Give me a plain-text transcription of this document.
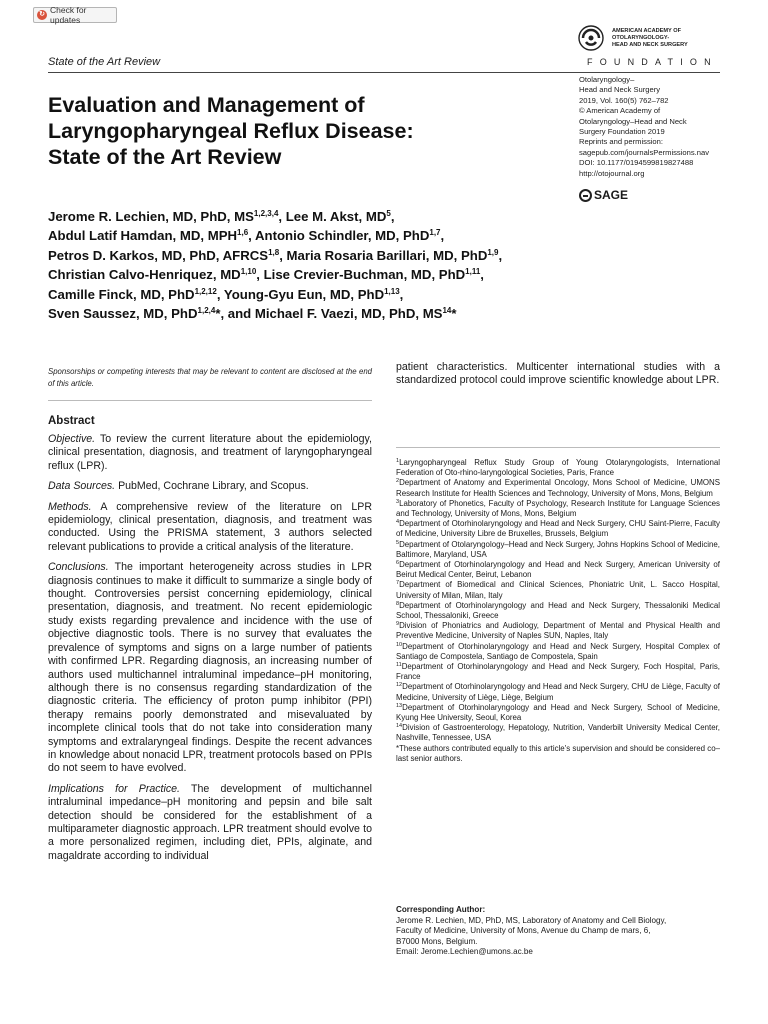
↻ Check for updates
State of the Art Review
AMERICAN ACADEMY OF
OTOLARYNGOLOGY-
HEAD AND NECK SURGERY
FOUNDATION
Otolaryngology–
Head and Neck Surgery
2019, Vol. 160(5) 762–782
© American Academy of
Otolaryngology–Head and Neck
Surgery Foundation 2019
Reprints and permission:
sagepub.com/journalsPermissions.nav
DOI: 10.1177/0194599819827488
http://otojournal.org
SAGE
Evaluation and Management of
Laryngopharyngeal Reflux Disease:
State of the Art Review
Jerome R. Lechien, MD, PhD, MS$^{1,2,3,4}$, Lee M. Akst, $MD^5$,
Abdul Latif Hamdan, MD, MPH$^{1,6}$, Antonio Schindler, MD, PhD$^{1,7}$,
Petros D. Karkos, MD, PhD, AFRCS$^{1,8}$, Maria Rosaria Barillari, MD, PhD$^{1,9}$,
Christian Calvo-Henriquez, MD$^{1,10}$, Lise Crevier-Buchman, MD, PhD$^{1,11}$,
Camille Finck, MD, PhD$^{1,2,12}$, Young-Gyu Eun, MD, PhD$^{1,13}$,
Sven Saussez, MD, PhD$^{1,2,4}$*, and Michael F. Vaezi, MD, PhD, MS$^{14}$*
Sponsorships or competing interests that may be relevant to content are disclosed at the end of this article.
Abstract

Objective. To review the current literature about the epidemiology, clinical presentation, diagnosis, and treatment of laryngopharyngeal reflux (LPR).

Data Sources. PubMed, Cochrane Library, and Scopus.

Methods. A comprehensive review of the literature on LPR epidemiology, clinical presentation, diagnosis, and treatment was conducted. Using the PRISMA statement, 3 authors selected relevant publications to provide a critical analysis of the literature.

Conclusions. The important heterogeneity across studies in LPR diagnosis continues to make it difficult to summarize a single body of thought. Controversies persist concerning epidemiology, clinical presentation, diagnosis, and treatment. No recent epidemiologic study exists regarding prevalence and incidence with the use of objective diagnostic tools. There is no survey that evaluates the prevalence of symptoms and signs on a large number of patients with confirmed LPR. Regarding diagnosis, an increasing number of authors used multichannel intraluminal impedance–pH monitoring, although there is no consensus regarding standardization of the diagnostic criteria. The efficiency of proton pump inhibitor (PPI) therapy remains poorly demonstrated and misevaluated by incomplete clinical tools that do not take into consideration many symptoms and extralaryngeal findings. Despite the recent advances in knowledge about nonacid LPR, treatment protocols based on PPIs do not seem to have evolved.

Implications for Practice. The development of multichannel intraluminal impedance–pH monitoring and pepsin and bile salt detection should be considered for the establishment of a multiparameter diagnostic approach. LPR treatment should evolve to a more personalized regimen, including diet, PPIs, alginate, and magaldrate according to individual

patient characteristics. Multicenter international studies with a standardized protocol could improve scientific knowledge about LPR.
$^1$Laryngopharyngeal Reflux Study Group of Young Otolaryngologists, International Federation of Oto-rhino-laryngological Societies, Paris, France
$^2$Department of Anatomy and Experimental Oncology, Mons School of Medicine, UMONS Research Institute for Health Sciences and Technology, University of Mons, Mons, Belgium
$^3$Laboratory of Phonetics, Faculty of Psychology, Research Institute for Language Sciences and Technology, University of Mons, Mons, Belgium
$^4$Department of Otorhinolaryngology and Head and Neck Surgery, CHU Saint-Pierre, Faculty of Medicine, University Libre de Bruxelles, Brussels, Belgium
$^5$Department of Otolaryngology–Head and Neck Surgery, Johns Hopkins School of Medicine, Baltimore, Maryland, USA
$^6$Department of Otorhinolaryngology and Head and Neck Surgery, American University of Beirut Medical Center, Beirut, Lebanon
$^7$Department of Biomedical and Clinical Sciences, Phoniatric Unit, L. Sacco Hospital, University of Milan, Milan, Italy
$^8$Department of Otorhinolaryngology and Head and Neck Surgery, Thessaloniki Medical School, Thessaloniki, Greece
$^9$Division of Phoniatrics and Audiology, Department of Mental and Physical Health and Preventive Medicine, University of Naples SUN, Naples, Italy
$^{10}$Department of Otorhinolaryngology and Head and Neck Surgery, Hospital Complex of Santiago de Compostela, Santiago de Compostela, Spain
$^{11}$Department of Otorhinolaryngology and Head and Neck Surgery, Foch Hospital, Paris, France
$^{12}$Department of Otorhinolaryngology and Head and Neck Surgery, CHU de Liège, Faculty of Medicine, University of Liège, Liège, Belgium
$^{13}$Department of Otorhinolaryngology and Head and Neck Surgery, School of Medicine, Kyung Hee University, Seoul, Korea
$^{14}$Division of Gastroenterology, Hepatology, Nutrition, Vanderbilt University Medical Center, Nashville, Tennessee, USA
*These authors contributed equally to this article's supervision and should be considered co–last senior authors.
Corresponding Author:
Jerome R. Lechien, MD, PhD, MS, Laboratory of Anatomy and Cell Biology,
Faculty of Medicine, University of Mons, Avenue du Champ de mars, 6,
B7000 Mons, Belgium.
Email: Jerome.Lechien@umons.ac.be
